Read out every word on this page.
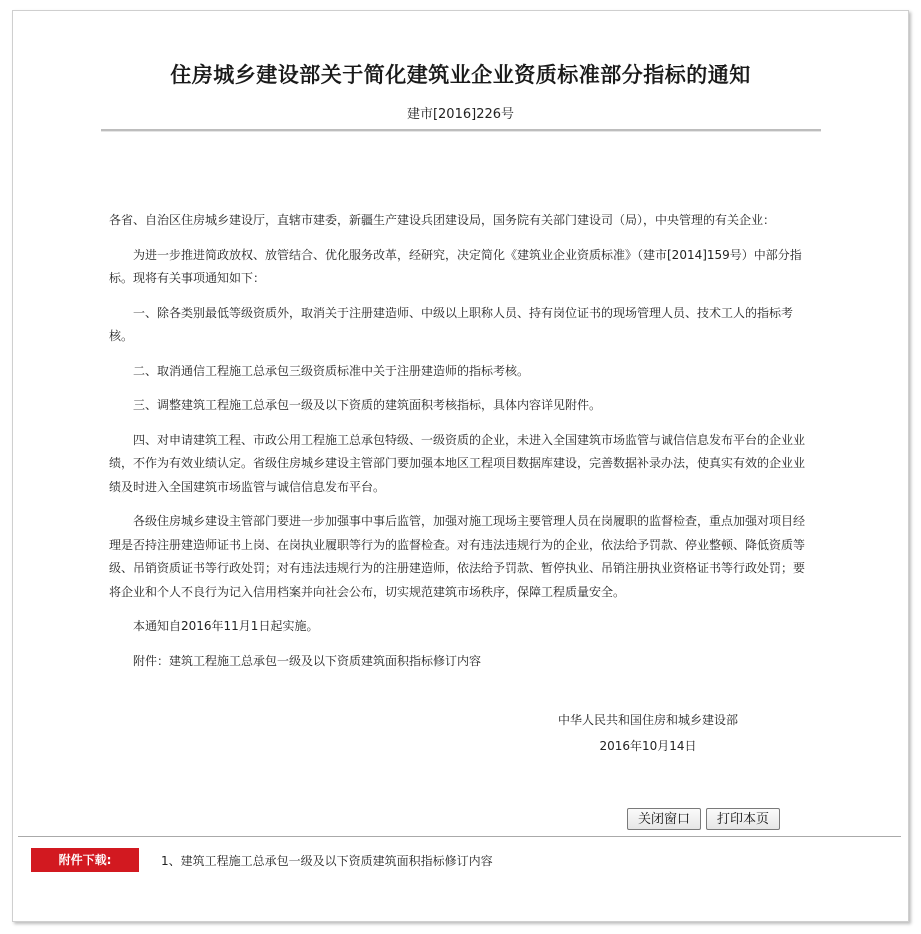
住房城乡建设部关于简化建筑业企业资质标准部分指标的通知
建市[2016]226号

各省、自治区住房城乡建设厅，直辖市建委，新疆生产建设兵团建设局，国务院有关部门建设司（局），中央管理的有关企业：

为进一步推进简政放权、放管结合、优化服务改革，经研究，决定简化《建筑业企业资质标准》（建市[2014]159号）中部分指标。现将有关事项通知如下：

一、除各类别最低等级资质外，取消关于注册建造师、中级以上职称人员、持有岗位证书的现场管理人员、技术工人的指标考核。

二、取消通信工程施工总承包三级资质标准中关于注册建造师的指标考核。

三、调整建筑工程施工总承包一级及以下资质的建筑面积考核指标，具体内容详见附件。

四、对申请建筑工程、市政公用工程施工总承包特级、一级资质的企业，未进入全国建筑市场监管与诚信信息发布平台的企业业绩，不作为有效业绩认定。省级住房城乡建设主管部门要加强本地区工程项目数据库建设，完善数据补录办法，使真实有效的企业业绩及时进入全国建筑市场监管与诚信信息发布平台。

各级住房城乡建设主管部门要进一步加强事中事后监管，加强对施工现场主要管理人员在岗履职的监督检查，重点加强对项目经理是否持注册建造师证书上岗、在岗执业履职等行为的监督检查。对有违法违规行为的企业，依法给予罚款、停业整顿、降低资质等级、吊销资质证书等行政处罚；对有违法违规行为的注册建造师，依法给予罚款、暂停执业、吊销注册执业资格证书等行政处罚；要将企业和个人不良行为记入信用档案并向社会公布，切实规范建筑市场秩序，保障工程质量安全。

本通知自2016年11月1日起实施。

附件：建筑工程施工总承包一级及以下资质建筑面积指标修订内容

中华人民共和国住房和城乡建设部
2016年10月14日
关闭窗口	打印本页
附件下载:	1、建筑工程施工总承包一级及以下资质建筑面积指标修订内容
